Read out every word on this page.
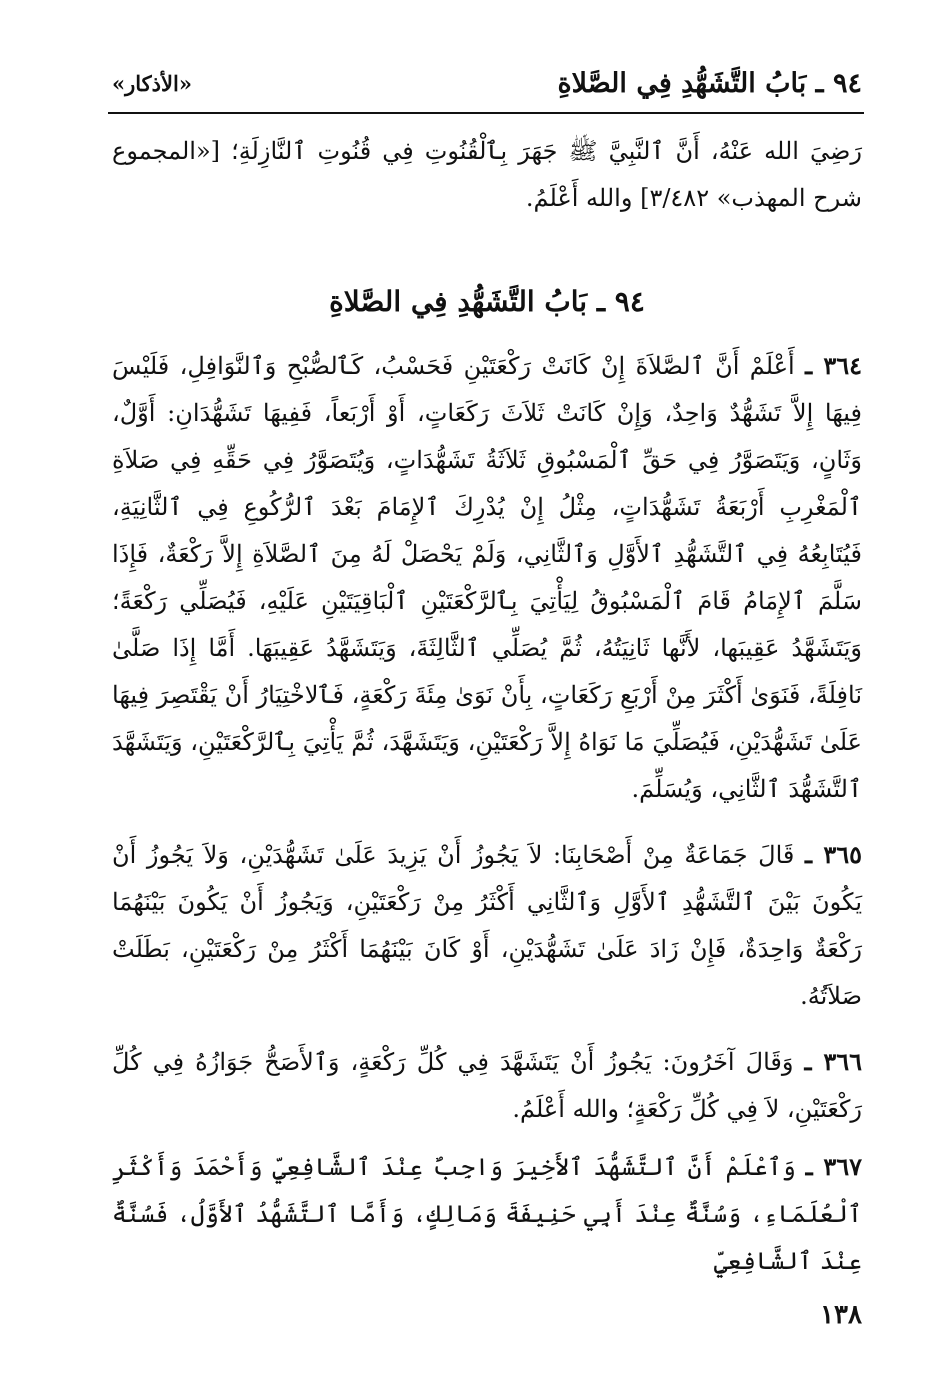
٩٤ ـ بَابُ التَّشَهُّدِ فِي الصَّلاةِ
«الأذكار»

رَضِيَ الله عَنْهُ، أَنَّ ٱلنَّبِيَّ ﷺ جَهَرَ بِٱلْقُنُوتِ فِي قُنُوتِ ٱلنَّازِلَةِ؛ [«المجموع شرح المهذب» ٣/٤٨٢] والله أَعْلَمُ.

٩٤ ـ بَابُ التَّشَهُّدِ فِي الصَّلاةِ

٣٦٤ ـ أَعْلَمْ أَنَّ ٱلصَّلاَةَ إِنْ كَانَتْ رَكْعَتَيْنِ فَحَسْبُ، كَٱلصُّبْحِ وَٱلنَّوَافِلِ، فَلَيْسَ فِيهَا إِلاَّ تَشَهُّدٌ وَاحِدٌ، وَإِنْ كَانَتْ ثَلاَثَ رَكَعَاتٍ، أَوْ أَرْبَعاً، فَفِيهَا تَشَهُّدَانِ: أَوَّلٌ، وَثَانٍ، وَيَتَصَوَّرُ فِي حَقِّ ٱلْمَسْبُوقِ ثَلاَثَةُ تَشَهُّدَاتٍ، وَيُتَصَوَّرُ فِي حَقِّهِ فِي صَلاَةِ ٱلْمَغْرِبِ أَرْبَعَةُ تَشَهُّدَاتٍ، مِثْلُ إِنْ يُدْرِكَ ٱلإِمَامَ بَعْدَ ٱلرُّكُوعِ فِي ٱلثَّانِيَةِ، فَيُتَابِعُهُ فِي ٱلتَّشَهُّدِ ٱلأَوَّلِ وَٱلثَّانِي، وَلَمْ يَحْصَلْ لَهُ مِنَ ٱلصَّلاَةِ إِلاَّ رَكْعَةٌ، فَإِذَا سَلَّمَ ٱلإِمَامُ قَامَ ٱلْمَسْبُوقُ لِيَأْتِيَ بِٱلرَّكْعَتَيْنِ ٱلْبَاقِيَتَيْنِ عَلَيْهِ، فَيُصَلِّي رَكْعَةً؛ وَيَتَشَهَّدُ عَقِيبَها، لأَنَّها ثَانِيَتُهُ، ثُمَّ يُصَلِّي ٱلثَّالِثَةَ، وَيَتَشَهَّدُ عَقِيبَهَا. أَمَّا إِذَا صَلَّىٰ نَافِلَةً، فَنَوَىٰ أَكْثَرَ مِنْ أَرْبَعِ رَكَعَاتٍ، بِأَنْ نَوَىٰ مِئَةَ رَكْعَةٍ، فَٱلاخْتِيَارُ أَنْ يَقْتَصِرَ فِيهَا عَلَىٰ تَشَهُّدَيْنِ، فَيُصَلِّيَ مَا نَوَاهُ إِلاَّ رَكْعَتَيْنِ، وَيَتَشَهَّدَ، ثُمَّ يَأْتِيَ بِٱلرَّكْعَتَيْنِ، وَيَتَشَهَّدَ ٱلتَّشَهُّدَ ٱلثَّانِي، وَيُسَلِّمَ.

٣٦٥ ـ قَالَ جَمَاعَةٌ مِنْ أَصْحَابِنَا: لاَ يَجُوزُ أَنْ يَزِيدَ عَلَىٰ تَشَهُّدَيْنِ، وَلاَ يَجُوزُ أَنْ يَكُونَ بَيْنَ ٱلتَّشَهُّدِ ٱلأَوَّلِ وَٱلثَّانِي أَكْثَرُ مِنْ رَكْعَتَيْنِ، وَيَجُوزُ أَنْ يَكُونَ بَيْنَهُمَا رَكْعَةٌ وَاحِدَةٌ، فَإِنْ زَادَ عَلَىٰ تَشَهُّدَيْنِ، أَوْ كَانَ بَيْنَهُمَا أَكْثَرُ مِنْ رَكْعَتَيْنِ، بَطَلَتْ صَلاَتُهُ.

٣٦٦ ـ وَقَالَ آخَرُونَ: يَجُوزُ أَنْ يَتَشَهَّدَ فِي كُلِّ رَكْعَةٍ، وَٱلأَصَحُّ جَوَازُهُ فِي كُلِّ رَكْعَتَيْنِ، لاَ فِي كُلِّ رَكْعَةٍ؛ والله أَعْلَمُ.

٣٦٧ ـ وَٱعْلَمْ أَنَّ ٱلتَّشَهُّدَ ٱلأَخِيرَ وَاجِبٌ عِنْدَ ٱلشَّافِعِيِّ وَأَحْمَدَ وَأَكْثَرِ ٱلْعُلَمَاءِ، وَسُنَّةٌ عِنْدَ أَبِي حَنِيفَةَ وَمَالِكٍ، وَأَمَّا ٱلتَّشَهُّدُ ٱلأَوَّلُ، فَسُنَّةٌ عِنْدَ ٱلشَّافِعِيِّ

١٣٨
